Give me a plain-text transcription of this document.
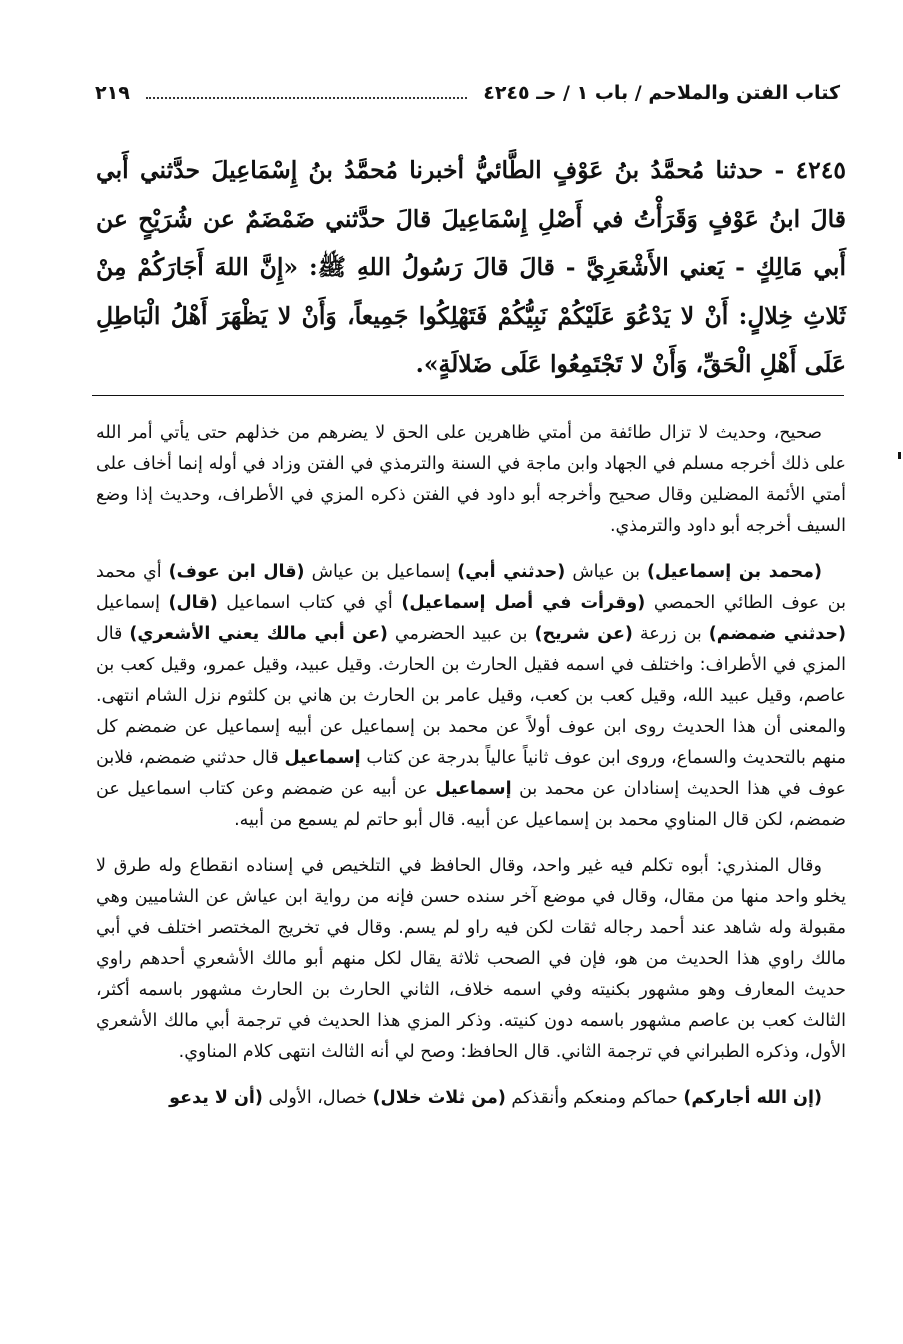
كتاب الفتن والملاحم / باب ١ / حـ ٤٢٤٥
٢١٩
٤٢٤٥ - حدثنا مُحمَّدُ بنُ عَوْفٍ الطَّائيُّ أخبرنا مُحمَّدُ بنُ إِسْمَاعِيلَ حدَّثني أَبي قالَ ابنُ عَوْفٍ وَقَرَأْتُ في أَصْلِ إِسْمَاعِيلَ قالَ حدَّثني ضَمْضَمٌ عن شُرَيْحٍ عن أَبي مَالِكٍ - يَعني الأَشْعَرِيَّ - قالَ قالَ رَسُولُ اللهِ ﷺ: «إِنَّ اللهَ أَجَارَكُمْ مِنْ ثَلاثِ خِلالٍ: أَنْ لا يَدْعُوَ عَلَيْكُمْ نَبِيُّكُمْ فَتَهْلِكُوا جَمِيعاً، وَأَنْ لا يَظْهَرَ أَهْلُ الْبَاطِلِ عَلَى أَهْلِ الْحَقِّ، وَأَنْ لا تَجْتَمِعُوا عَلَى ضَلالَةٍ».

صحيح، وحديث لا تزال طائفة من أمتي ظاهرين على الحق لا يضرهم من خذلهم حتى يأتي أمر الله على ذلك أخرجه مسلم في الجهاد وابن ماجة في السنة والترمذي في الفتن وزاد في أوله إنما أخاف على أمتي الأئمة المضلين وقال صحيح وأخرجه أبو داود في الفتن ذكره المزي في الأطراف، وحديث إذا وضع السيف أخرجه أبو داود والترمذي.

(محمد بن إسماعيل) بن عياش (حدثني أبي) إسماعيل بن عياش (قال ابن عوف) أي محمد بن عوف الطائي الحمصي (وقرأت في أصل إسماعيل) أي في كتاب اسماعيل (قال) إسماعيل (حدثني ضمضم) بن زرعة (عن شريح) بن عبيد الحضرمي (عن أبي مالك يعني الأشعري) قال المزي في الأطراف: واختلف في اسمه فقيل الحارث بن الحارث. وقيل عبيد، وقيل عمرو، وقيل كعب بن عاصم، وقيل عبيد الله، وقيل كعب بن كعب، وقيل عامر بن الحارث بن هاني بن كلثوم نزل الشام انتهى. والمعنى أن هذا الحديث روى ابن عوف أولاً عن محمد بن إسماعيل عن أبيه إسماعيل عن ضمضم كل منهم بالتحديث والسماع، وروى ابن عوف ثانياً عالياً بدرجة عن كتاب إسماعيل قال حدثني ضمضم، فلابن عوف في هذا الحديث إسنادان عن محمد بن إسماعيل عن أبيه عن ضمضم وعن كتاب اسماعيل عن ضمضم، لكن قال المناوي محمد بن إسماعيل عن أبيه. قال أبو حاتم لم يسمع من أبيه.

وقال المنذري: أبوه تكلم فيه غير واحد، وقال الحافظ في التلخيص في إسناده انقطاع وله طرق لا يخلو واحد منها من مقال، وقال في موضع آخر سنده حسن فإنه من رواية ابن عياش عن الشاميين وهي مقبولة وله شاهد عند أحمد رجاله ثقات لكن فيه راو لم يسم. وقال في تخريج المختصر اختلف في أبي مالك راوي هذا الحديث من هو، فإن في الصحب ثلاثة يقال لكل منهم أبو مالك الأشعري أحدهم راوي حديث المعارف وهو مشهور بكنيته وفي اسمه خلاف، الثاني الحارث بن الحارث مشهور باسمه أكثر، الثالث كعب بن عاصم مشهور باسمه دون كنيته. وذكر المزي هذا الحديث في ترجمة أبي مالك الأشعري الأول، وذكره الطبراني في ترجمة الثاني. قال الحافظ: وصح لي أنه الثالث انتهى كلام المناوي.

(إن الله أجاركم) حماكم ومنعكم وأنقذكم (من ثلاث خلال) خصال، الأولى (أن لا يدعو
